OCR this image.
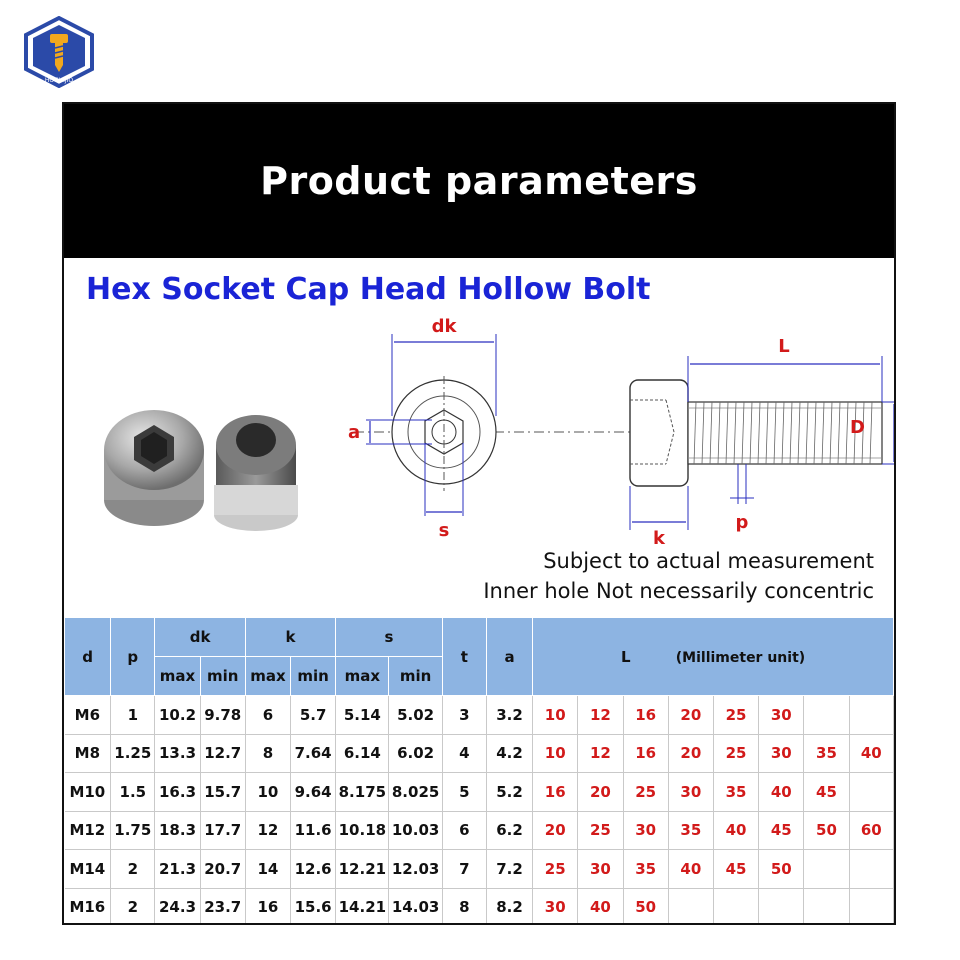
HOGUIJIO
Product parameters

Hex Socket Cap Head Hollow Bolt

dk
a
s
L
k
p
D

Subject to actual measurement

Inner hole Not necessarily concentric

d	p	dk		k		s		t	a	L (Millimeter unit)							
		max	min	max	min	max	min										
M6	1	10.2	9.78	6	5.7	5.14	5.02	3	3.2	10	12	16	20	25	30		
M8	1.25	13.3	12.7	8	7.64	6.14	6.02	4	4.2	10	12	16	20	25	30	35	40
M10	1.5	16.3	15.7	10	9.64	8.175	8.025	5	5.2	16	20	25	30	35	40	45	
M12	1.75	18.3	17.7	12	11.6	10.18	10.03	6	6.2	20	25	30	35	40	45	50	60
M14	2	21.3	20.7	14	12.6	12.21	12.03	7	7.2	25	30	35	40	45	50		
M16	2	24.3	23.7	16	15.6	14.21	14.03	8	8.2	30	40	50					
